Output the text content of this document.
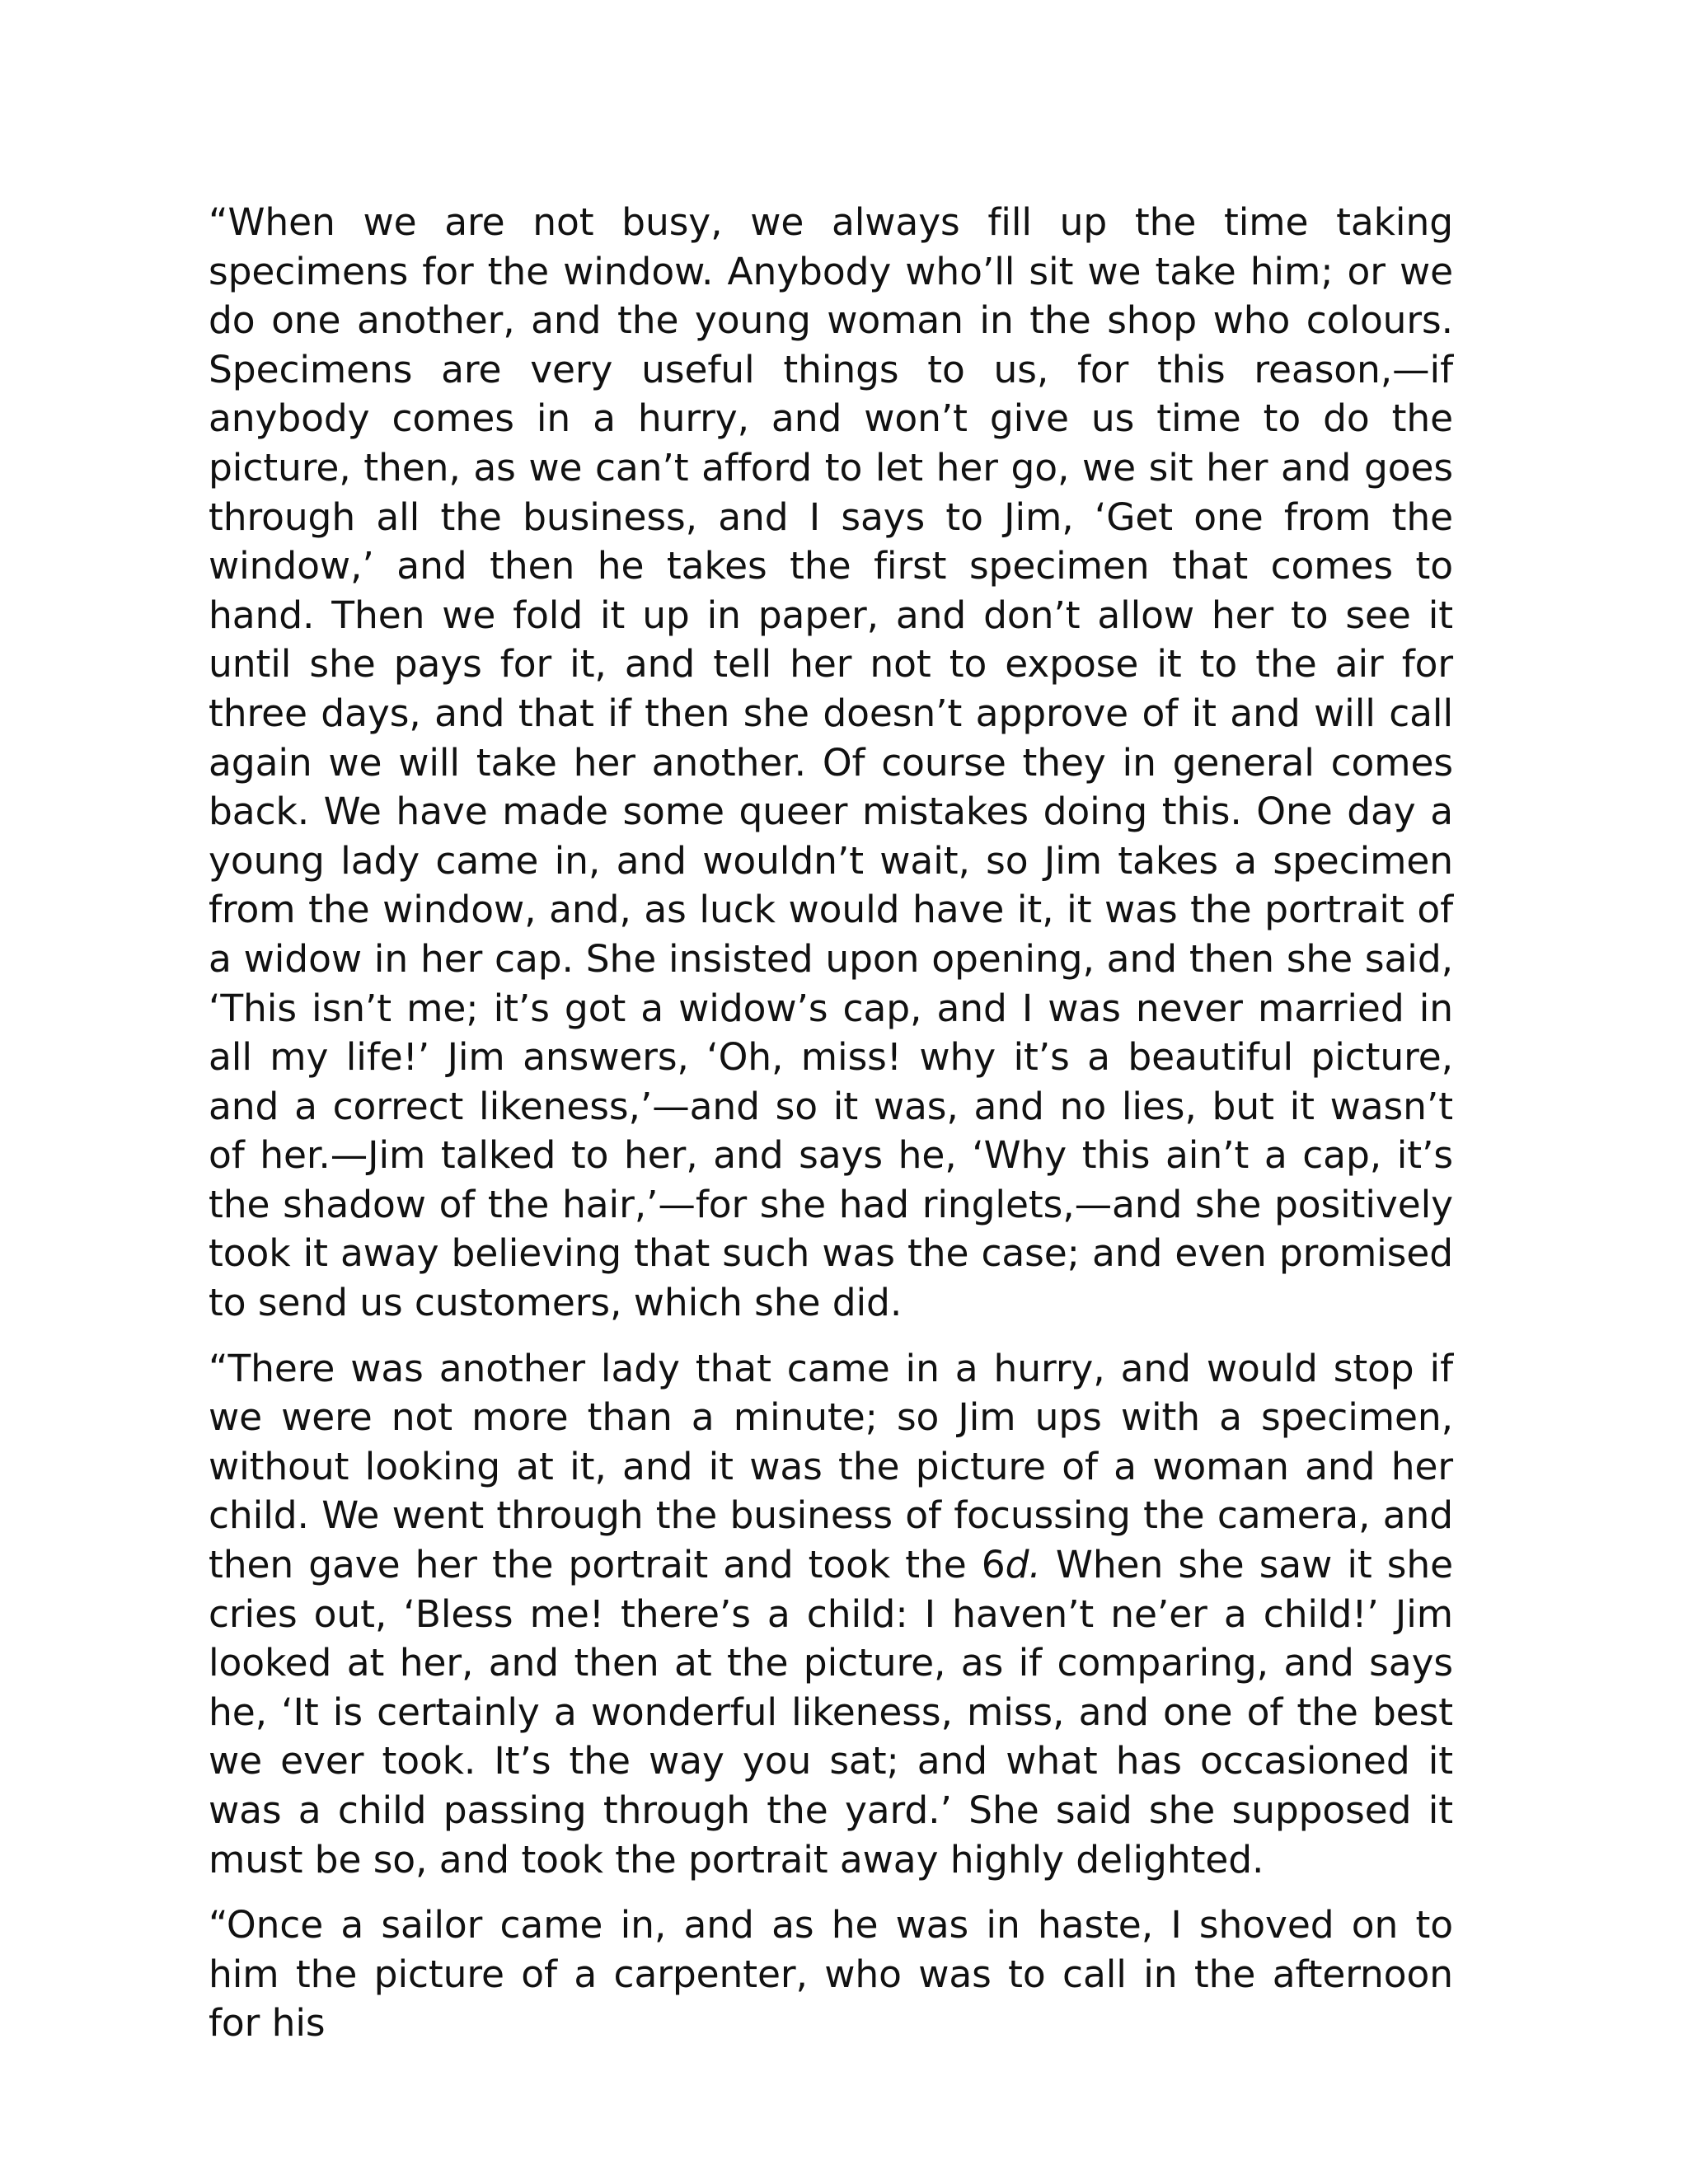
“When we are not busy, we always fill up the time taking specimens for the window. Anybody who’ll sit we take him; or we do one another, and the young woman in the shop who colours. Specimens are very useful things to us, for this reason,—if anybody comes in a hurry, and won’t give us time to do the picture, then, as we can’t afford to let her go, we sit her and goes through all the business, and I says to Jim, ‘Get one from the window,’ and then he takes the first specimen that comes to hand. Then we fold it up in paper, and don’t allow her to see it until she pays for it, and tell her not to expose it to the air for three days, and that if then she doesn’t approve of it and will call again we will take her another. Of course they in general comes back. We have made some queer mistakes doing this. One day a young lady came in, and wouldn’t wait, so Jim takes a specimen from the window, and, as luck would have it, it was the portrait of a widow in her cap. She insisted upon opening, and then she said, ‘This isn’t me; it’s got a widow’s cap, and I was never married in all my life!’ Jim answers, ‘Oh, miss! why it’s a beautiful picture, and a correct likeness,’—and so it was, and no lies, but it wasn’t of her.—Jim talked to her, and says he, ‘Why this ain’t a cap, it’s the shadow of the hair,’—for she had ringlets,—and she positively took it away believing that such was the case; and even promised to send us customers, which she did.

“There was another lady that came in a hurry, and would stop if we were not more than a minute; so Jim ups with a specimen, without looking at it, and it was the picture of a woman and her child. We went through the business of focussing the camera, and then gave her the portrait and took the 6d. When she saw it she cries out, ‘Bless me! there’s a child: I haven’t ne’er a child!’ Jim looked at her, and then at the picture, as if comparing, and says he, ‘It is certainly a wonderful likeness, miss, and one of the best we ever took. It’s the way you sat; and what has occasioned it was a child passing through the yard.’ She said she supposed it must be so, and took the portrait away highly delighted.

“Once a sailor came in, and as he was in haste, I shoved on to him the picture of a carpenter, who was to call in the afternoon for his
